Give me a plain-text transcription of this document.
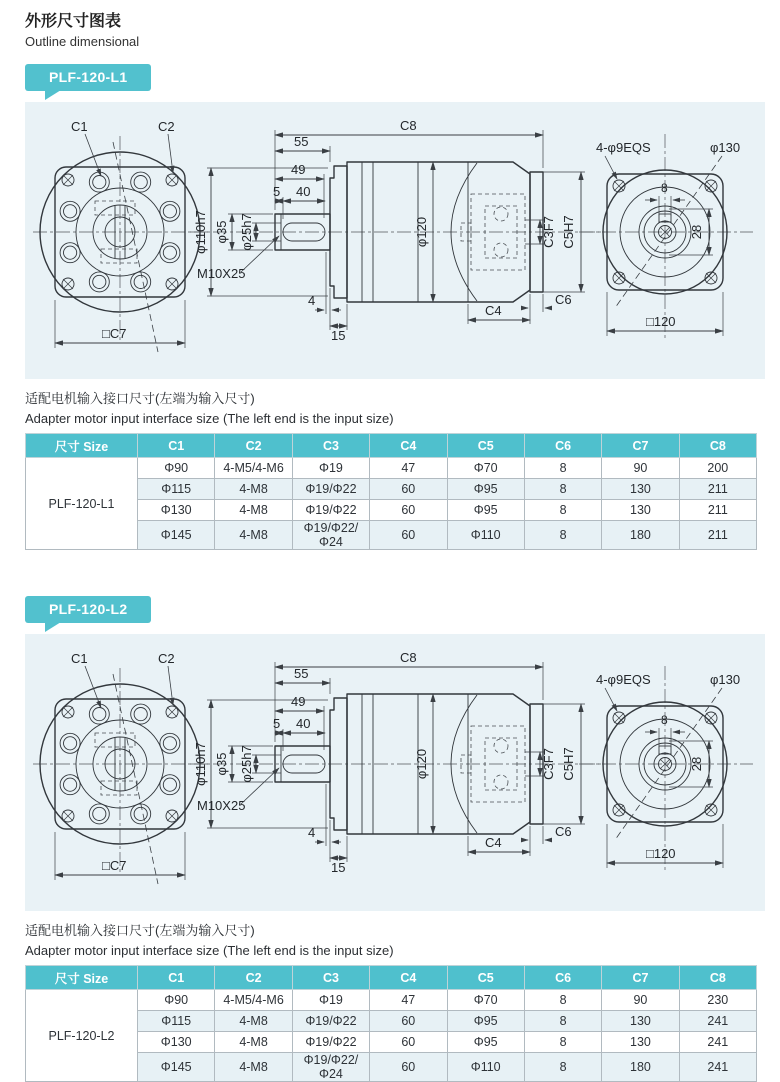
外形尺寸图表
Outline dimensional
PLF-120-L1
C1	C2
□C7
C8
55
49
5 40
φ35 φ25h7
φ110h7
M10X25
φ120	C3F7 C5H7
4
15
C4
C6
4-φ9EQS	φ130
8
28
□120
适配电机输入接口尺寸(左端为输入尺寸)
Adapter motor input interface size (The left end is the input size)
尺寸 Size	C1	C2	C3	C4	C5	C6	C7	C8
PLF-120-L1	Φ90	4-M5/4-M6	Φ19	47	Φ70	8	90	200
	Φ115	4-M8	Φ19/Φ22	60	Φ95	8	130	211
	Φ130	4-M8	Φ19/Φ22	60	Φ95	8	130	211
	Φ145	4-M8	Φ19/Φ22/Φ24	60	Φ110	8	180	211
PLF-120-L2
C1	C2
□C7
C8
55
49
5 40
φ35 φ25h7
φ110h7
M10X25
φ120	C3F7 C5H7
4
15
C4
C6
4-φ9EQS	φ130
8
28
□120
适配电机输入接口尺寸(左端为输入尺寸)
Adapter motor input interface size (The left end is the input size)
尺寸 Size	C1	C2	C3	C4	C5	C6	C7	C8
PLF-120-L2	Φ90	4-M5/4-M6	Φ19	47	Φ70	8	90	230
	Φ115	4-M8	Φ19/Φ22	60	Φ95	8	130	241
	Φ130	4-M8	Φ19/Φ22	60	Φ95	8	130	241
	Φ145	4-M8	Φ19/Φ22/Φ24	60	Φ110	8	180	241
